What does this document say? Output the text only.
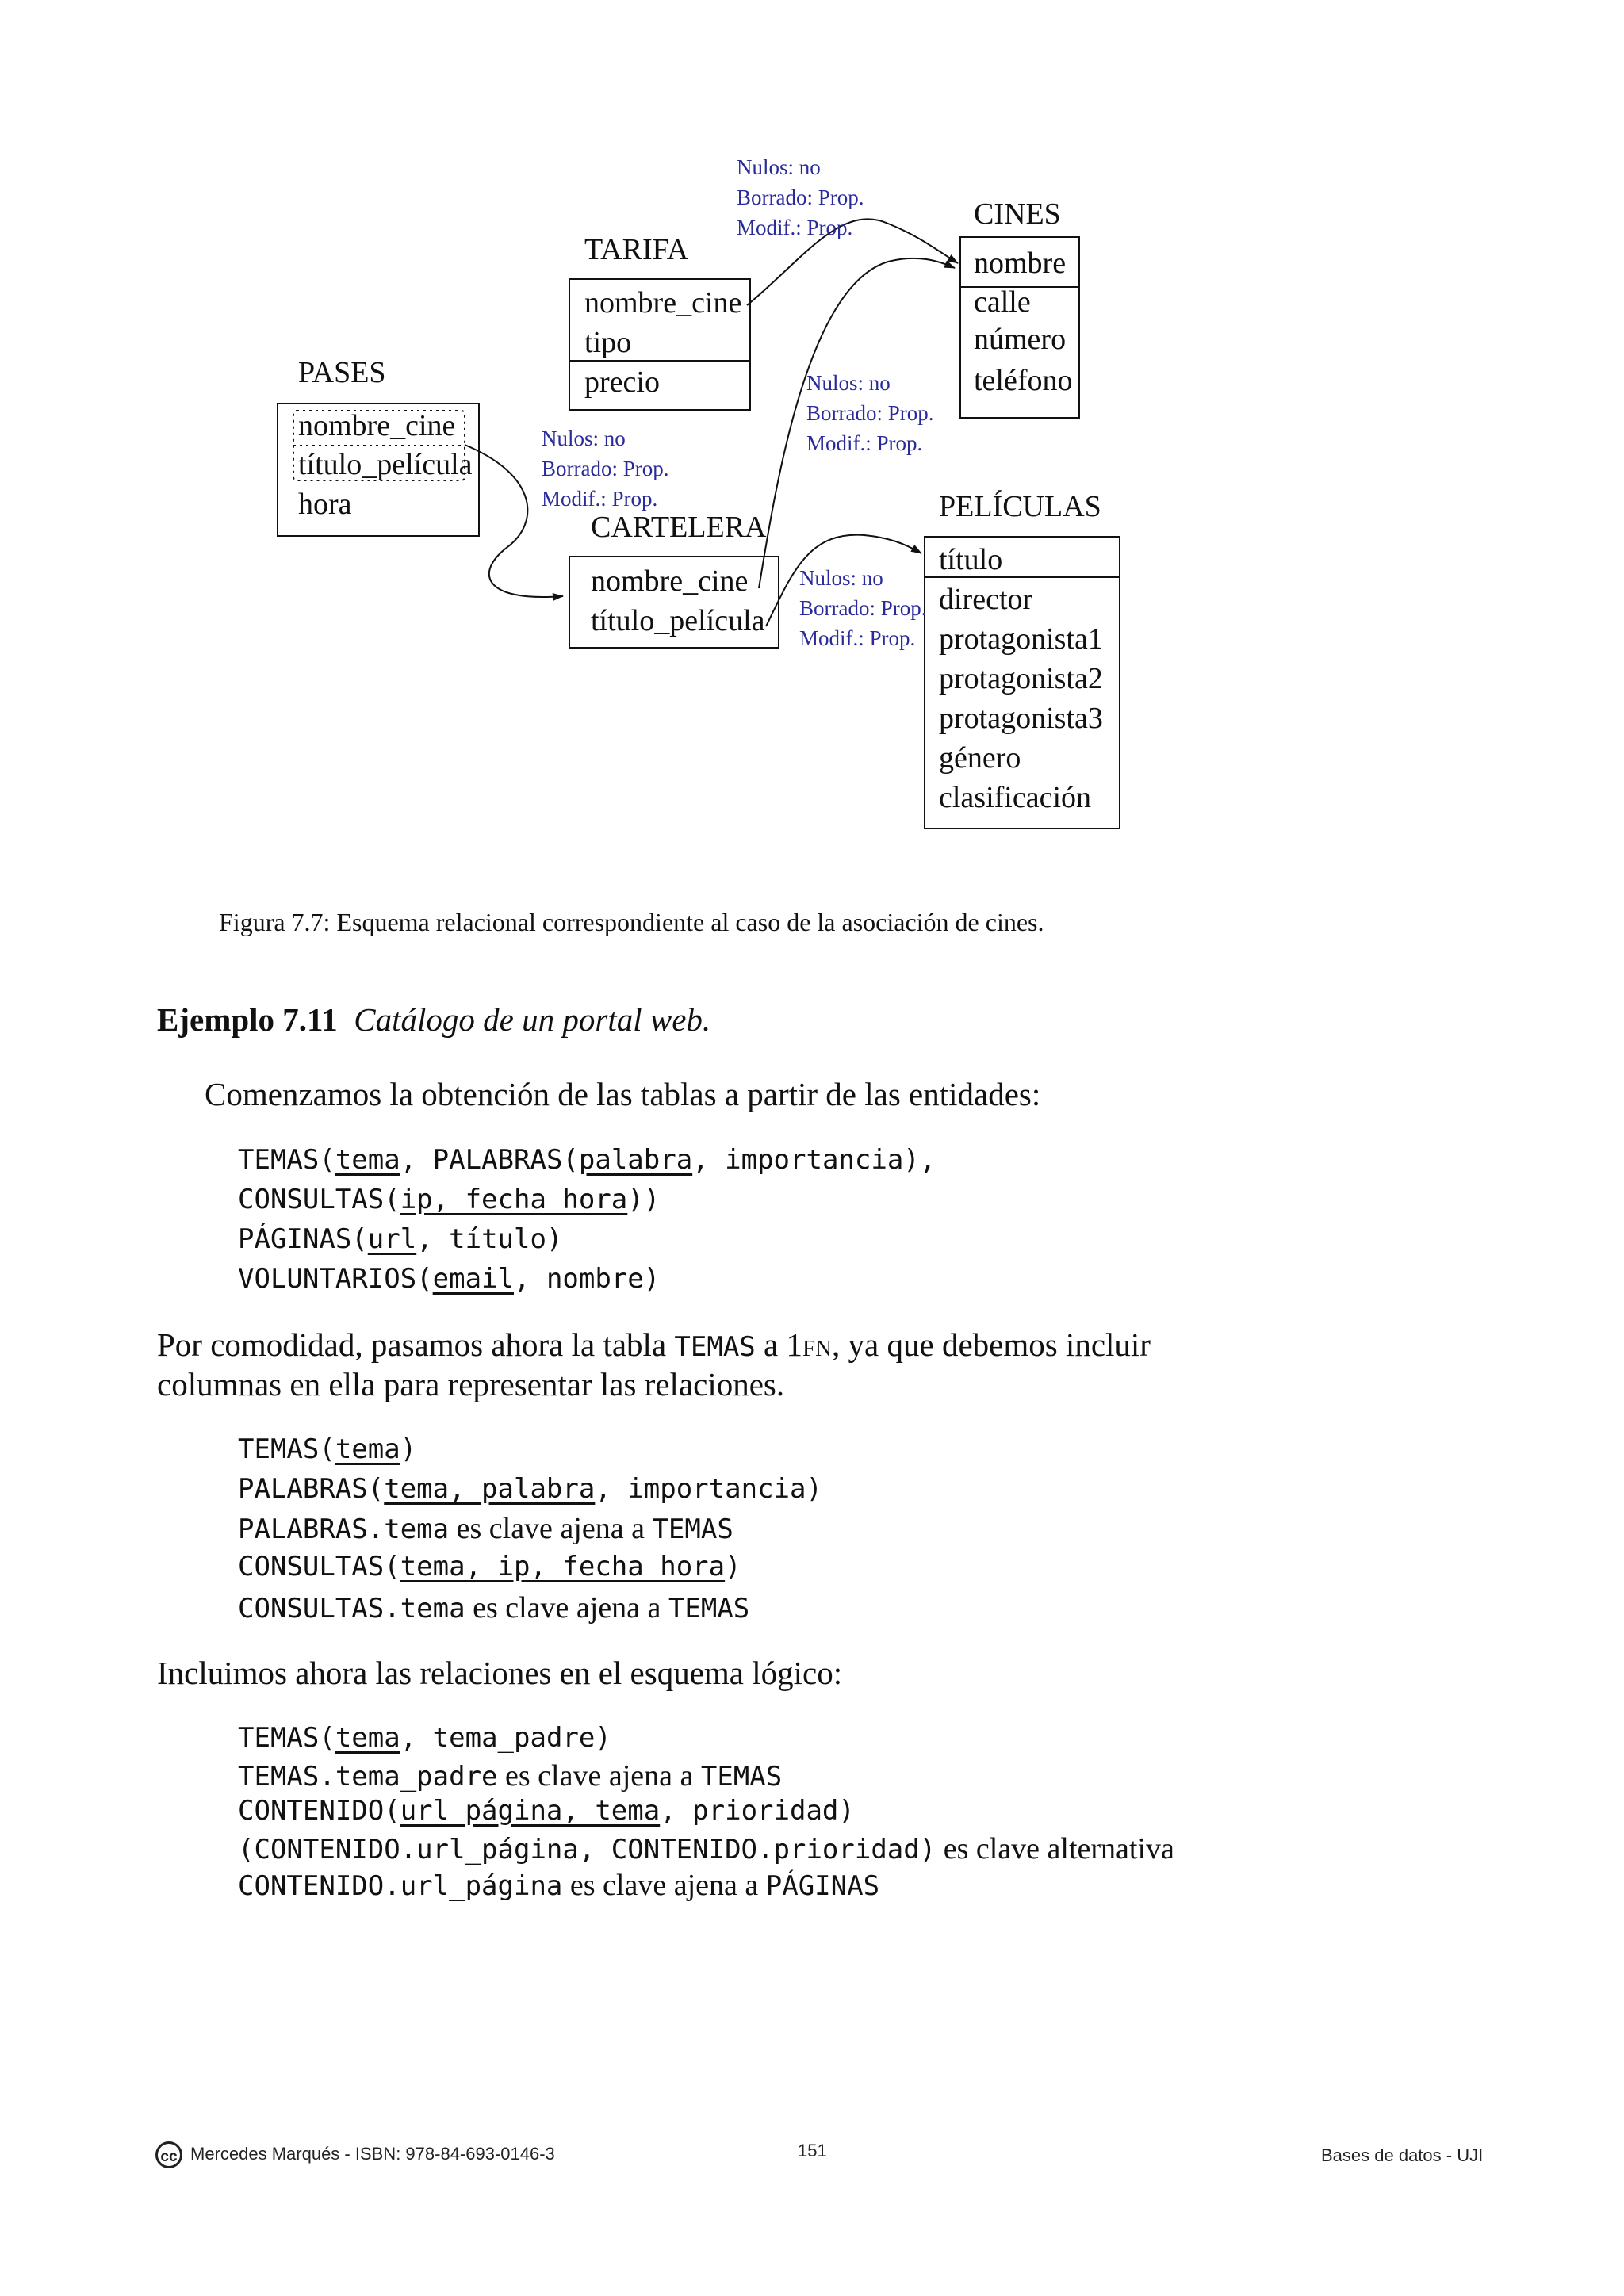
TARIFA
nombre_cine
tipo
precio
PASES
nombre_cine
título_película
hora
CINES
nombre
calle
número
teléfono
CARTELERA
nombre_cine
título_película
PELÍCULAS
título
director
protagonista1
protagonista2
protagonista3
género
clasificación
Nulos: no
Borrado: Prop.
Modif.: Prop.
Nulos: no
Borrado: Prop.
Modif.: Prop.
Nulos: no
Borrado: Prop.
Modif.: Prop.
Nulos: no
Borrado: Prop.
Modif.: Prop.
Figura 7.7: Esquema relacional correspondiente al caso de la asociación de cines.
Ejemplo 7.11 Catálogo de un portal web.
Comenzamos la obtención de las tablas a partir de las entidades:
TEMAS(tema, PALABRAS(palabra, importancia),
CONSULTAS(ip, fecha_hora))
PÁGINAS(url, título)
VOLUNTARIOS(email, nombre)
Por comodidad, pasamos ahora la tabla TEMAS a 1fn, ya que debemos incluir
columnas en ella para representar las relaciones.
TEMAS(tema)
PALABRAS(tema, palabra, importancia)
PALABRAS.tema es clave ajena a TEMAS
CONSULTAS(tema, ip, fecha_hora)
CONSULTAS.tema es clave ajena a TEMAS
Incluimos ahora las relaciones en el esquema lógico:
TEMAS(tema, tema_padre)
TEMAS.tema_padre es clave ajena a TEMAS
CONTENIDO(url_página, tema, prioridad)
(CONTENIDO.url_página, CONTENIDO.prioridad) es clave alternativa
CONTENIDO.url_página es clave ajena a PÁGINAS
cc Mercedes Marqués - ISBN: 978-84-693-0146-3	151	Bases de datos - UJI
